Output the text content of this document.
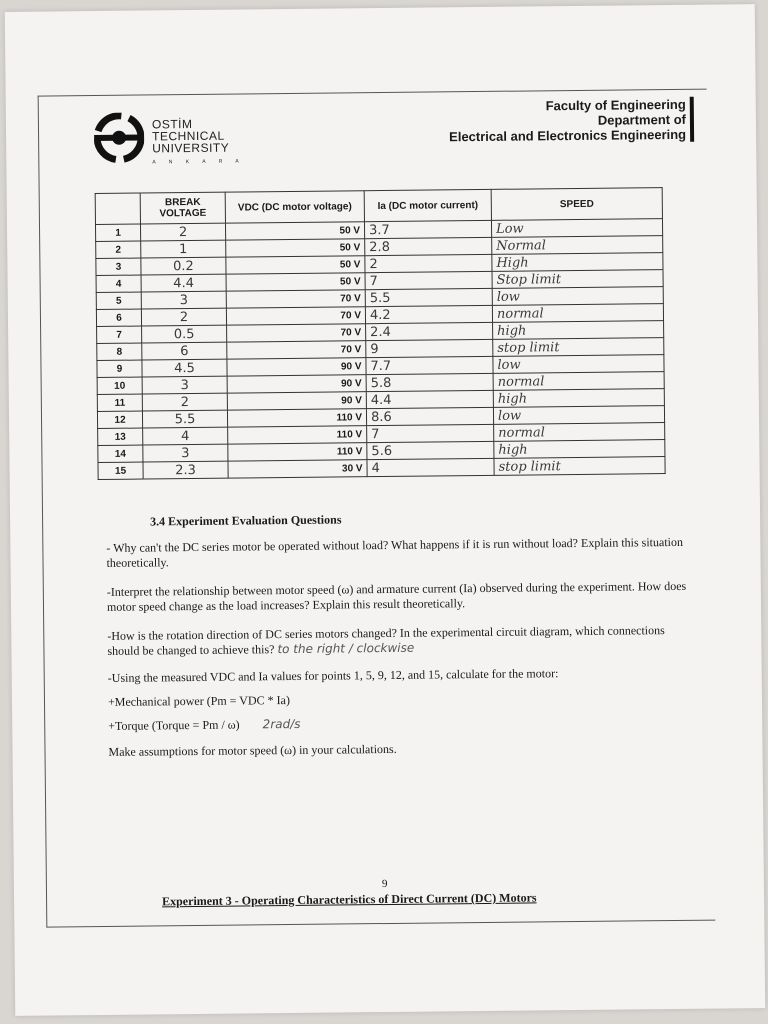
OSTİM
TECHNICAL
UNIVERSITY
A N K A R A
Faculty of Engineering
Department of
Electrical and Electronics Engineering
	BREAK VOLTAGE	VDC (DC motor voltage)	Ia (DC motor current)	SPEED
1	2	50 V	3.7	Low
2	1	50 V	2.8	Normal
3	0.2	50 V	2	High
4	4.4	50 V	7	Stop limit
5	3	70 V	5.5	low
6	2	70 V	4.2	normal
7	0.5	70 V	2.4	high
8	6	70 V	9	stop limit
9	4.5	90 V	7.7	low
10	3	90 V	5.8	normal
11	2	90 V	4.4	high
12	5.5	110 V	8.6	low
13	4	110 V	7	normal
14	3	110 V	5.6	high
15	2.3	30 V	4	stop limit
3.4 Experiment Evaluation Questions
- Why can't the DC series motor be operated without load? What happens if it is run without load? Explain this situation theoretically.
-Interpret the relationship between motor speed (ω) and armature current (Ia) observed during the experiment. How does motor speed change as the load increases? Explain this result theoretically.
-How is the rotation direction of DC series motors changed? In the experimental circuit diagram, which connections should be changed to achieve this? to the right / clockwise
-Using the measured VDC and Ia values for points 1, 5, 9, 12, and 15, calculate for the motor:
+Mechanical power (Pm = VDC * Ia)
+Torque (Torque = Pm / ω) 2rad/s
Make assumptions for motor speed (ω) in your calculations.
9
Experiment 3 - Operating Characteristics of Direct Current (DC) Motors
